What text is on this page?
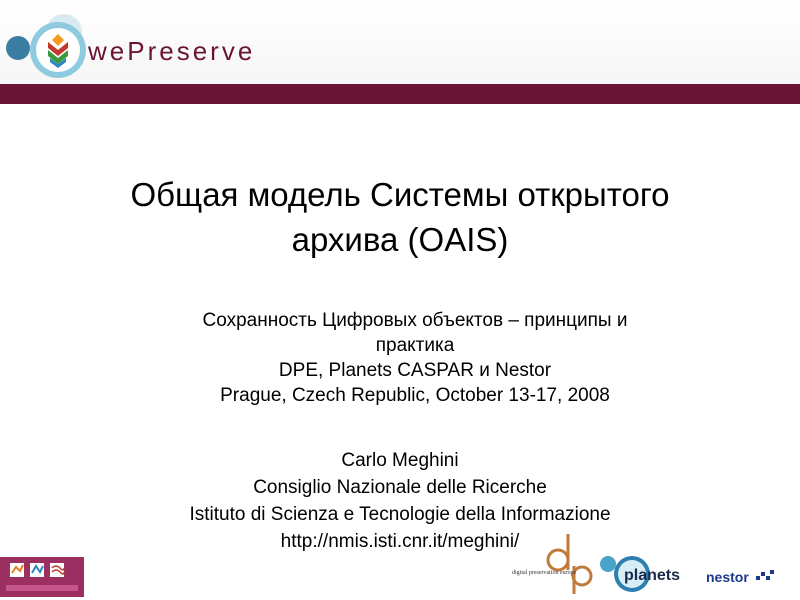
wePreserve
Общая модель Системы открытого
архива (OAIS)
Сохранность Цифровых объектов – принципы и
практика
DPE, Planets CASPAR и Nestor
Prague, Czech Republic, October 13-17, 2008
Carlo Meghini
Consiglio Nazionale delle Ricerche
Istituto di Scienza e Tecnologie della Informazione
http://nmis.isti.cnr.it/meghini/
digital preservation europe	planets nestor
